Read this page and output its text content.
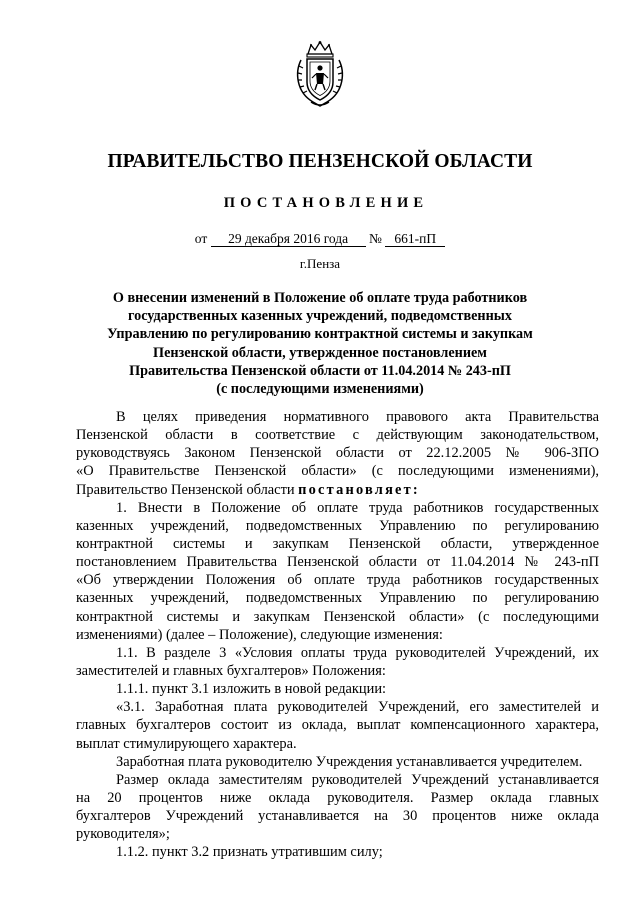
ПРАВИТЕЛЬСТВО ПЕНЗЕНСКОЙ ОБЛАСТИ
ПОСТАНОВЛЕНИЕ
от 29 декабря 2016 года № 661-пП
г.Пенза
О внесении изменений в Положение об оплате труда работников
государственных казенных учреждений, подведомственных
Управлению по регулированию контрактной системы и закупкам
Пензенской области, утвержденное постановлением
Правительства Пензенской области от 11.04.2014 № 243-пП
(с последующими изменениями)
В целях приведения нормативного правового акта Правительства
Пензенской области в соответствие с действующим законодательством,
руководствуясь Законом Пензенской области от 22.12.2005 № 906-ЗПО
«О Правительстве Пензенской области» (с последующими изменениями),
Правительство Пензенской области постановляет:
1. Внести в Положение об оплате труда работников государственных
казенных учреждений, подведомственных Управлению по регулированию
контрактной системы и закупкам Пензенской области, утвержденное
постановлением Правительства Пензенской области от 11.04.2014 № 243-пП
«Об утверждении Положения об оплате труда работников государственных
казенных учреждений, подведомственных Управлению по регулированию
контрактной системы и закупкам Пензенской области» (с последующими
изменениями) (далее – Положение), следующие изменения:
1.1. В разделе 3 «Условия оплаты труда руководителей Учреждений, их
заместителей и главных бухгалтеров» Положения:
1.1.1. пункт 3.1 изложить в новой редакции:
«3.1. Заработная плата руководителей Учреждений, его заместителей и
главных бухгалтеров состоит из оклада, выплат компенсационного характера,
выплат стимулирующего характера.
Заработная плата руководителю Учреждения устанавливается учредителем.
Размер оклада заместителям руководителей Учреждений устанавливается
на 20 процентов ниже оклада руководителя. Размер оклада главных
бухгалтеров Учреждений устанавливается на 30 процентов ниже оклада
руководителя»;
1.1.2. пункт 3.2 признать утратившим силу;
